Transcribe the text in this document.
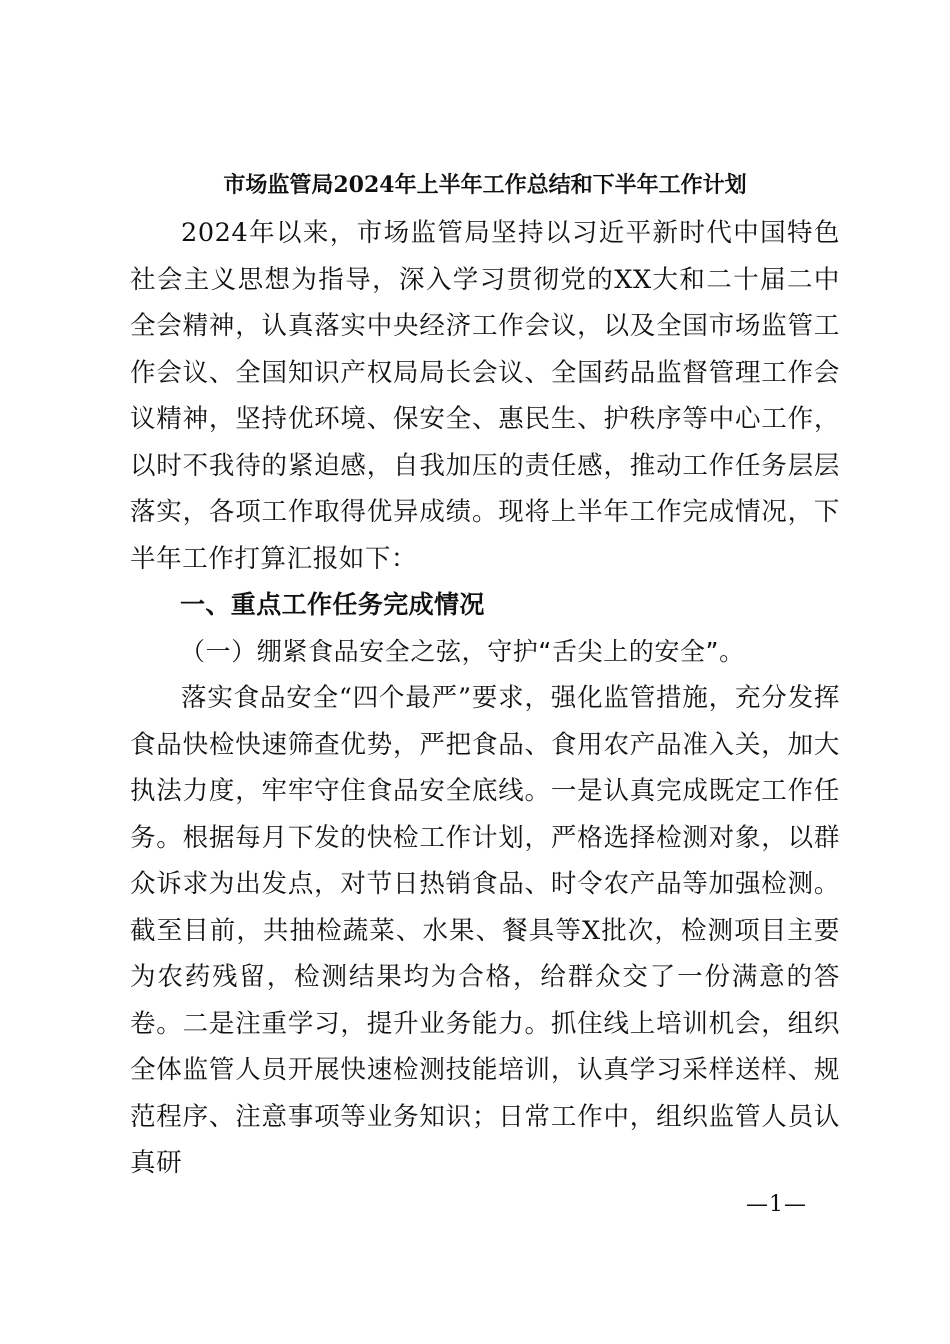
市场监管局2024年上半年工作总结和下半年工作计划

2024年以来，市场监管局坚持以习近平新时代中国特色社会主义思想为指导，深入学习贯彻党的XX大和二十届二中全会精神，认真落实中央经济工作会议，以及全国市场监管工作会议、全国知识产权局局长会议、全国药品监督管理工作会议精神，坚持优环境、保安全、惠民生、护秩序等中心工作，以时不我待的紧迫感，自我加压的责任感，推动工作任务层层落实，各项工作取得优异成绩。现将上半年工作完成情况，下半年工作打算汇报如下：

一、重点工作任务完成情况

（一）绷紧食品安全之弦，守护“舌尖上的安全”。

落实食品安全“四个最严”要求，强化监管措施，充分发挥食品快检快速筛查优势，严把食品、食用农产品准入关，加大执法力度，牢牢守住食品安全底线。一是认真完成既定工作任务。根据每月下发的快检工作计划，严格选择检测对象，以群众诉求为出发点，对节日热销食品、时令农产品等加强检测。截至目前，共抽检蔬菜、水果、餐具等X批次，检测项目主要为农药残留，检测结果均为合格，给群众交了一份满意的答卷。二是注重学习，提升业务能力。抓住线上培训机会，组织全体监管人员开展快速检测技能培训，认真学习采样送样、规范程序、注意事项等业务知识；日常工作中，组织监管人员认真研

—1—
